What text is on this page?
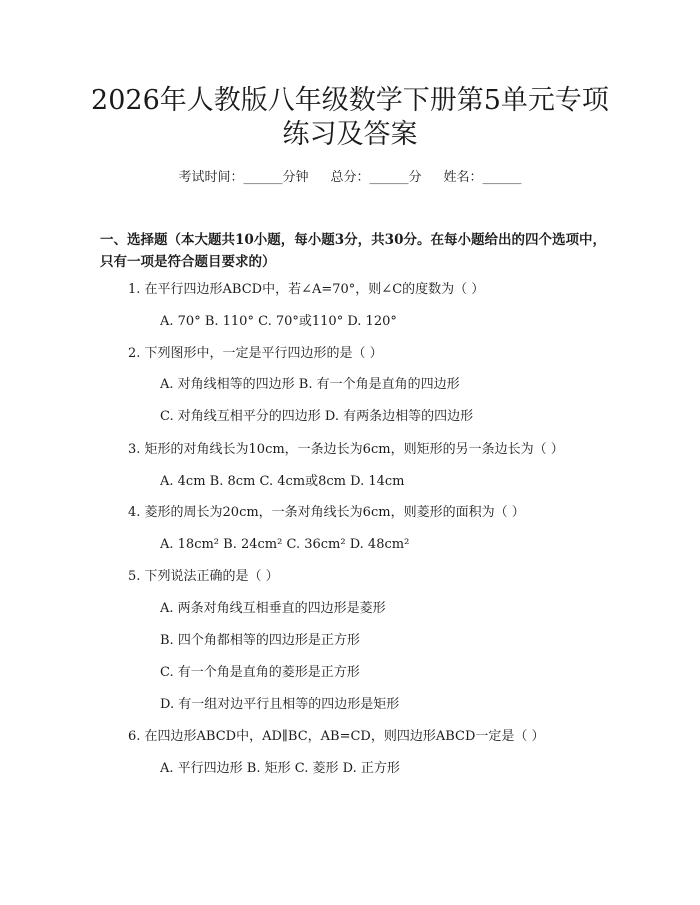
2026年人教版八年级数学下册第5单元专项
练习及答案
考试时间：______分钟 总分：______分 姓名：______
一、选择题（本大题共10小题，每小题3分，共30分。在每小题给出的四个选项中，只有一项是符合题目要求的）
1. 在平行四边形ABCD中，若∠A=70°，则∠C的度数为（ ）
A. 70° B. 110° C. 70°或110° D. 120°
2. 下列图形中，一定是平行四边形的是（ ）
A. 对角线相等的四边形 B. 有一个角是直角的四边形
C. 对角线互相平分的四边形 D. 有两条边相等的四边形
3. 矩形的对角线长为10cm，一条边长为6cm，则矩形的另一条边长为（ ）
A. 4cm B. 8cm C. 4cm或8cm D. 14cm
4. 菱形的周长为20cm，一条对角线长为6cm，则菱形的面积为（ ）
A. 18cm² B. 24cm² C. 36cm² D. 48cm²
5. 下列说法正确的是（ ）
A. 两条对角线互相垂直的四边形是菱形
B. 四个角都相等的四边形是正方形
C. 有一个角是直角的菱形是正方形
D. 有一组对边平行且相等的四边形是矩形
6. 在四边形ABCD中，AD∥BC，AB=CD，则四边形ABCD一定是（ ）
A. 平行四边形 B. 矩形 C. 菱形 D. 正方形
